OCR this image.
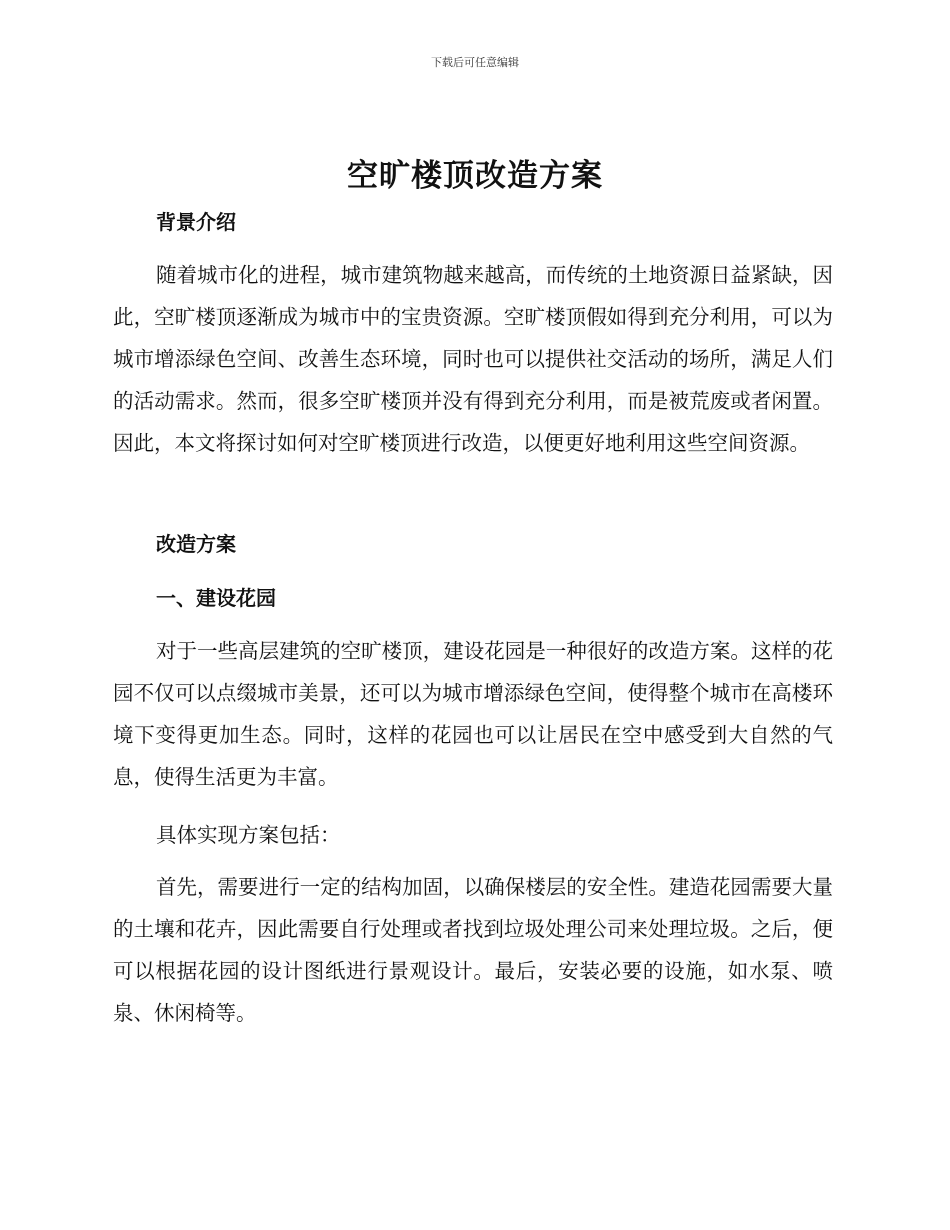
下载后可任意编辑
空旷楼顶改造方案
背景介绍

随着城市化的进程，城市建筑物越来越高，而传统的土地资源日益紧缺，因此，空旷楼顶逐渐成为城市中的宝贵资源。空旷楼顶假如得到充分利用，可以为城市增添绿色空间、改善生态环境，同时也可以提供社交活动的场所，满足人们的活动需求。然而，很多空旷楼顶并没有得到充分利用，而是被荒废或者闲置。因此，本文将探讨如何对空旷楼顶进行改造，以便更好地利用这些空间资源。

改造方案
一、建设花园

对于一些高层建筑的空旷楼顶，建设花园是一种很好的改造方案。这样的花园不仅可以点缀城市美景，还可以为城市增添绿色空间，使得整个城市在高楼环境下变得更加生态。同时，这样的花园也可以让居民在空中感受到大自然的气息，使得生活更为丰富。

具体实现方案包括：

首先，需要进行一定的结构加固，以确保楼层的安全性。建造花园需要大量的土壤和花卉，因此需要自行处理或者找到垃圾处理公司来处理垃圾。之后，便可以根据花园的设计图纸进行景观设计。最后，安装必要的设施，如水泵、喷泉、休闲椅等。
